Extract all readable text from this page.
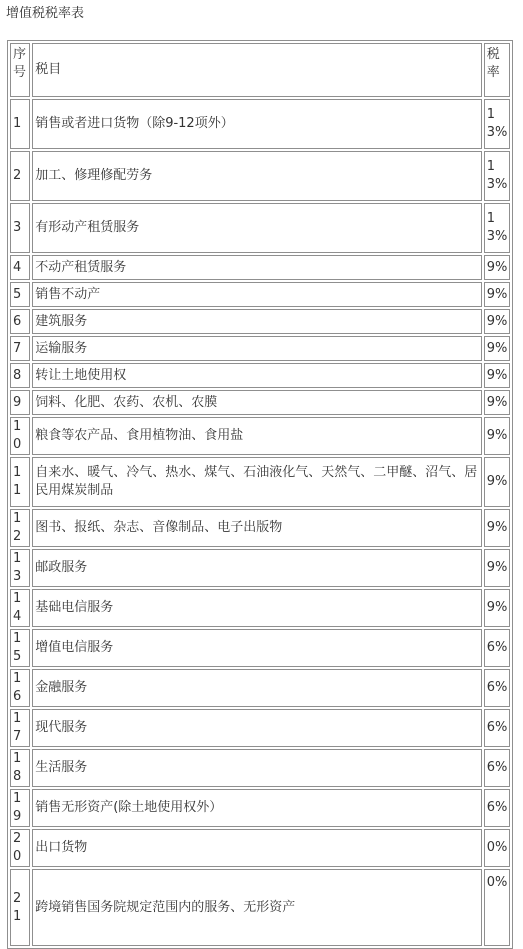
增值税税率表
序号	税目	税率
1	销售或者进口货物（除9-12项外）	13%
2	加工、修理修配劳务	13%
3	有形动产租赁服务	13%
4	不动产租赁服务	9%
5	销售不动产	9%
6	建筑服务	9%
7	运输服务	9%
8	转让土地使用权	9%
9	饲料、化肥、农药、农机、农膜	9%
10	粮食等农产品、食用植物油、食用盐	9%
11	自来水、暖气、冷气、热水、煤气、石油液化气、天然气、二甲醚、沼气、居民用煤炭制品	9%
12	图书、报纸、杂志、音像制品、电子出版物	9%
13	邮政服务	9%
14	基础电信服务	9%
15	增值电信服务	6%
16	金融服务	6%
17	现代服务	6%
18	生活服务	6%
19	销售无形资产(除土地使用权外）	6%
20	出口货物	0%
21	跨境销售国务院规定范围内的服务、无形资产	0%
